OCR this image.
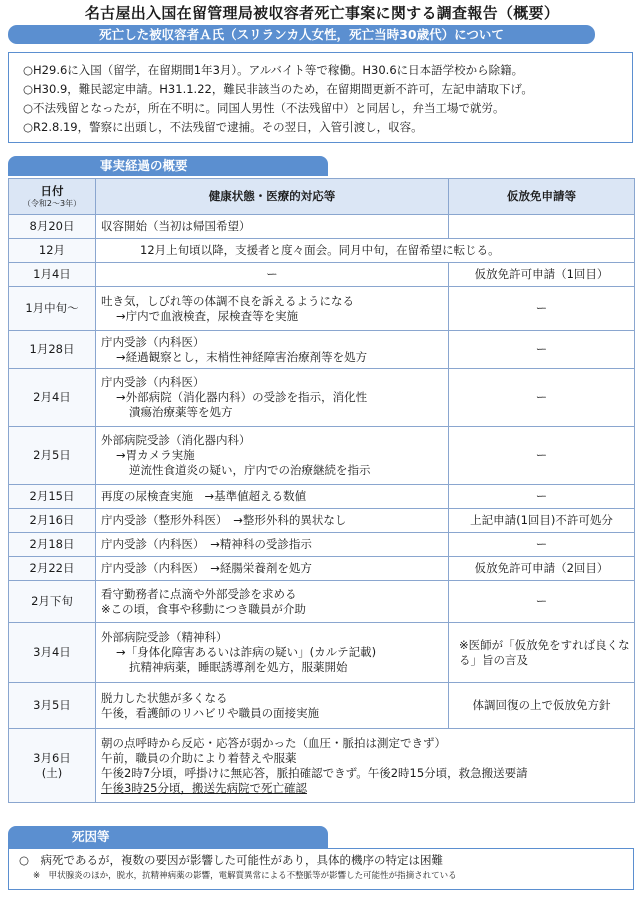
名古屋出入国在留管理局被収容者死亡事案に関する調査報告（概要）
死亡した被収容者Ａ氏（スリランカ人女性，死亡当時30歳代）について
○H29.6に入国（留学，在留期間1年3月）。アルバイト等で稼働。H30.6に日本語学校から除籍。
○H30.9，難民認定申請。H31.1.22，難民非該当のため，在留期間更新不許可，左記申請取下げ。
○不法残留となったが，所在不明に。同国人男性（不法残留中）と同居し，弁当工場で就労。
○R2.8.19，警察に出頭し，不法残留で逮捕。その翌日，入管引渡し，収容。
事実経過の概要
日付
（令和2～3年）	健康状態・医療的対応等	仮放免申請等
8月20日	収容開始（当初は帰国希望）	

12月	12月上旬頃以降，支援者と度々面会。同月中旬，在留希望に転じる。	

1月4日	ー	仮放免許可申請（1回目）
1月中旬～	吐き気，しびれ等の体調不良を訴えるようになる
→庁内で血液検査，尿検査等を実施	ー
1月28日	庁内受診（内科医）
→経過観察とし，末梢性神経障害治療剤等を処方	ー
2月4日	庁内受診（内科医）
→外部病院（消化器内科）の受診を指示，消化性
潰瘍治療薬等を処方	ー
2月5日	外部病院受診（消化器内科）
→胃カメラ実施
逆流性食道炎の疑い，庁内での治療継続を指示	ー
2月15日	再度の尿検査実施　→基準値超える数値	ー
2月16日	庁内受診（整形外科医）　→整形外科的異状なし	上記申請(1回目)不許可処分
2月18日	庁内受診（内科医）　→精神科の受診指示	ー
2月22日	庁内受診（内科医）　→経腸栄養剤を処方	仮放免許可申請（2回目）
2月下旬	看守勤務者に点滴や外部受診を求める
※この頃，食事や移動につき職員が介助	ー
3月4日	外部病院受診（精神科）
→「身体化障害あるいは詐病の疑い」(カルテ記載)
抗精神病薬，睡眠誘導剤を処方，服薬開始	※医師が「仮放免をすれば良くなる」旨の言及
3月5日	脱力した状態が多くなる
午後，看護師のリハビリや職員の面接実施	体調回復の上で仮放免方針

3月6日
(土)	朝の点呼時から反応・応答が弱かった（血圧・脈拍は測定できず）
午前，職員の介助により着替えや服薬
午後2時7分頃，呼掛けに無応答，脈拍確認できず。午後2時15分頃，救急搬送要請
午後3時25分頃，搬送先病院で死亡確認	
死因等
○　病死であるが，複数の要因が影響した可能性があり，具体的機序の特定は困難
※　甲状腺炎のほか，脱水，抗精神病薬の影響，電解質異常による不整脈等が影響した可能性が指摘されている
